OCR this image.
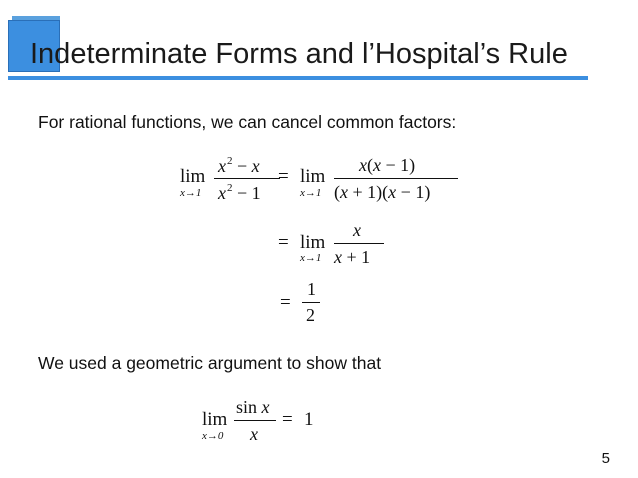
Indeterminate Forms and l’Hospital’s Rule

For rational functions, we can cancel common factors:

lim
x→1
$x^2 - x$
$x^2 - 1$
= lim
x→1
x(x − 1)
(x + 1)(x − 1)
= lim
x→1
x
x + 1
=
1
2

We used a geometric argument to show that

lim
x→0
sin x
x
= 1
5
